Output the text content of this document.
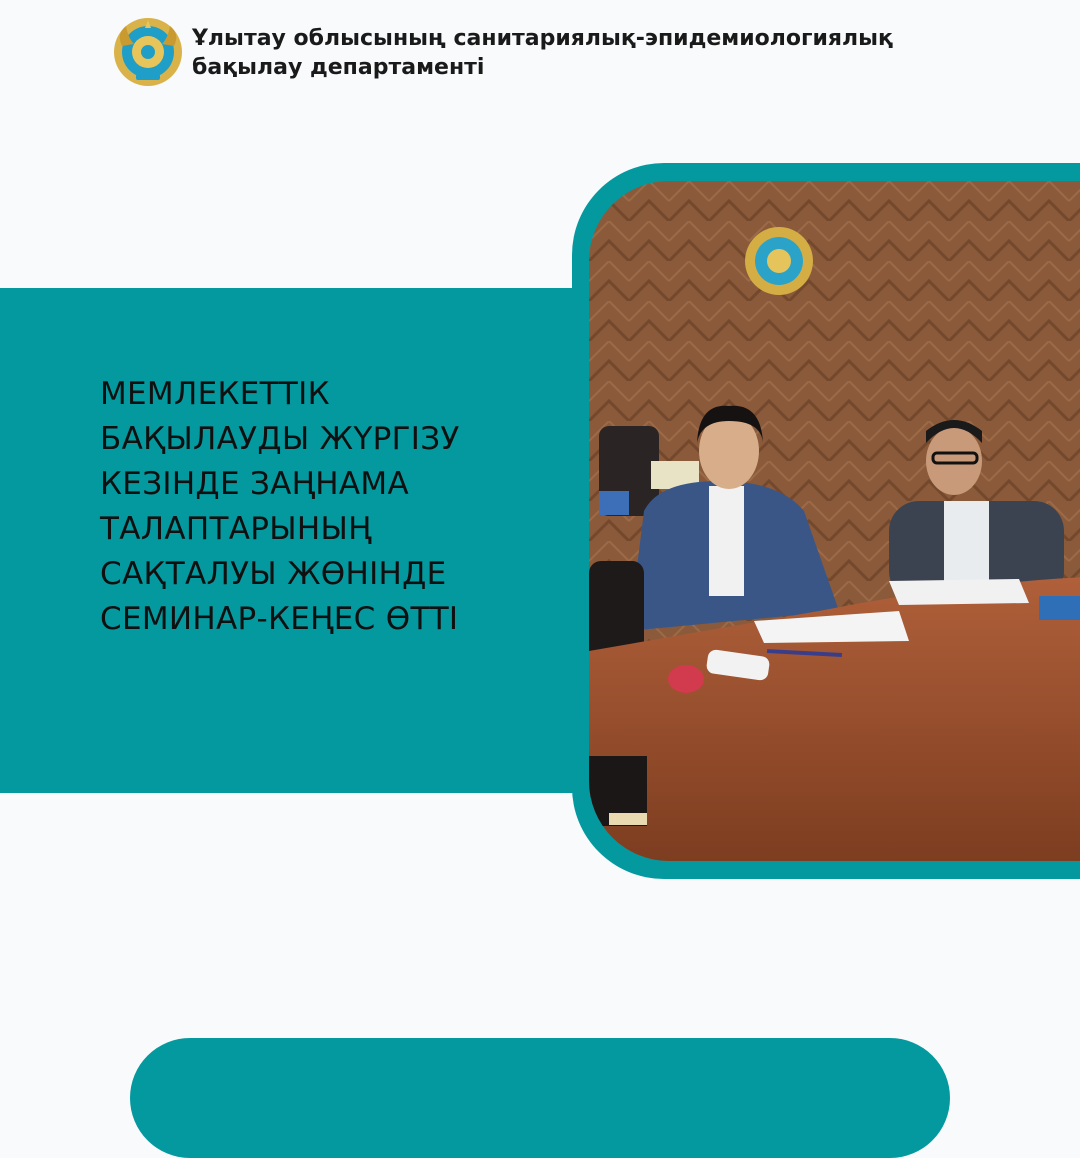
Ұлытау облысының санитариялық-эпидемиологиялық
бақылау департаменті
МЕМЛЕКЕТТІК
БАҚЫЛАУДЫ ЖҮРГІЗУ
КЕЗІНДЕ ЗАҢНАМА
ТАЛАПТАРЫНЫҢ
САҚТАЛУЫ ЖӨНІНДЕ
СЕМИНАР-КЕҢЕС ӨТТІ
